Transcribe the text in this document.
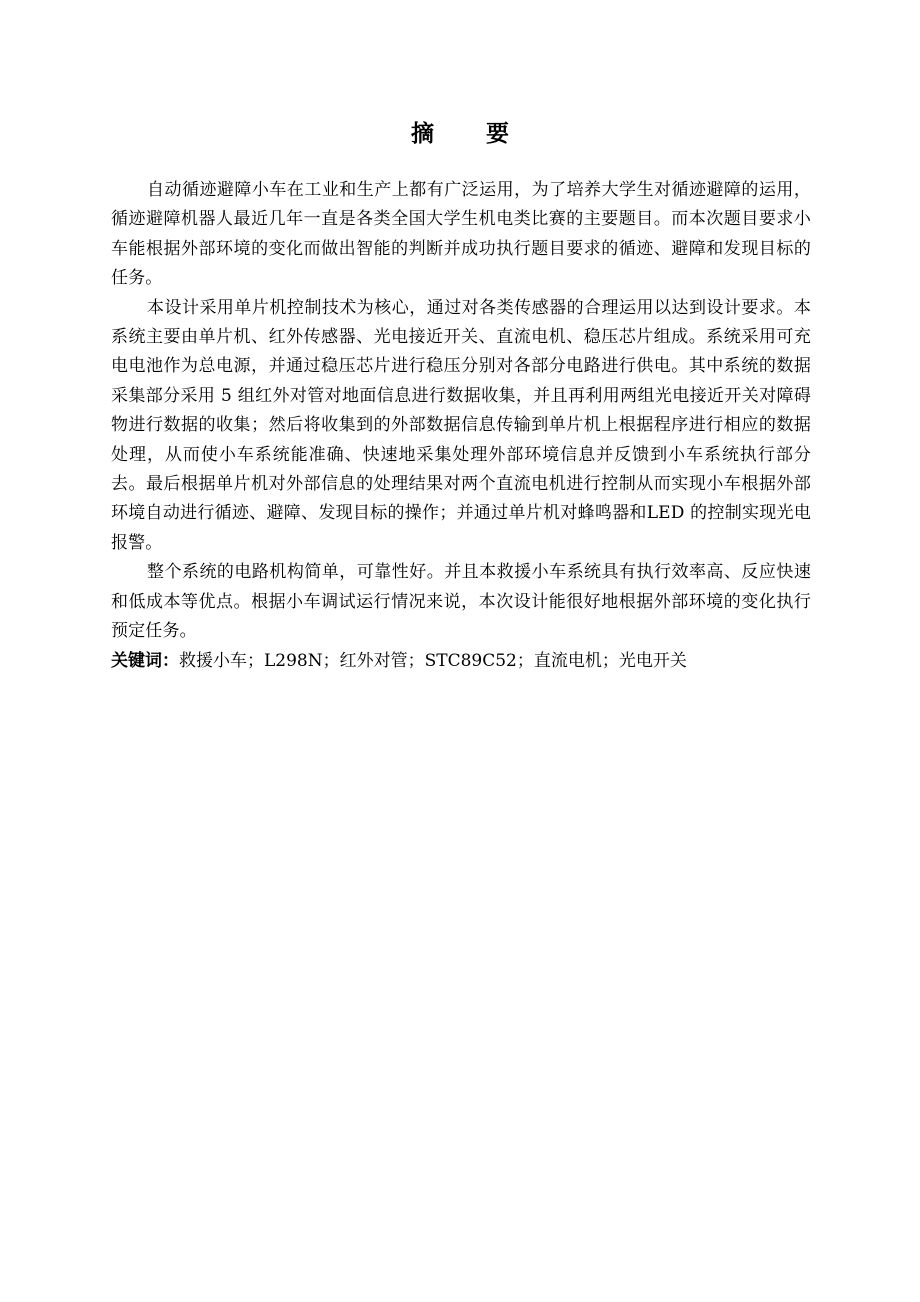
摘 要

自动循迹避障小车在工业和生产上都有广泛运用，为了培养大学生对循迹避障的运用，循迹避障机器人最近几年一直是各类全国大学生机电类比赛的主要题目。而本次题目要求小车能根据外部环境的变化而做出智能的判断并成功执行题目要求的循迹、避障和发现目标的任务。

本设计采用单片机控制技术为核心，通过对各类传感器的合理运用以达到设计要求。本系统主要由单片机、红外传感器、光电接近开关、直流电机、稳压芯片组成。系统采用可充电电池作为总电源，并通过稳压芯片进行稳压分别对各部分电路进行供电。其中系统的数据采集部分采用 5 组红外对管对地面信息进行数据收集，并且再利用两组光电接近开关对障碍物进行数据的收集；然后将收集到的外部数据信息传输到单片机上根据程序进行相应的数据处理，从而使小车系统能准确、快速地采集处理外部环境信息并反馈到小车系统执行部分去。最后根据单片机对外部信息的处理结果对两个直流电机进行控制从而实现小车根据外部环境自动进行循迹、避障、发现目标的操作；并通过单片机对蜂鸣器和LED 的控制实现光电报警。

整个系统的电路机构简单，可靠性好。并且本救援小车系统具有执行效率高、反应快速和低成本等优点。根据小车调试运行情况来说，本次设计能很好地根据外部环境的变化执行预定任务。

关键词：救援小车；L298N；红外对管；STC89C52；直流电机；光电开关
